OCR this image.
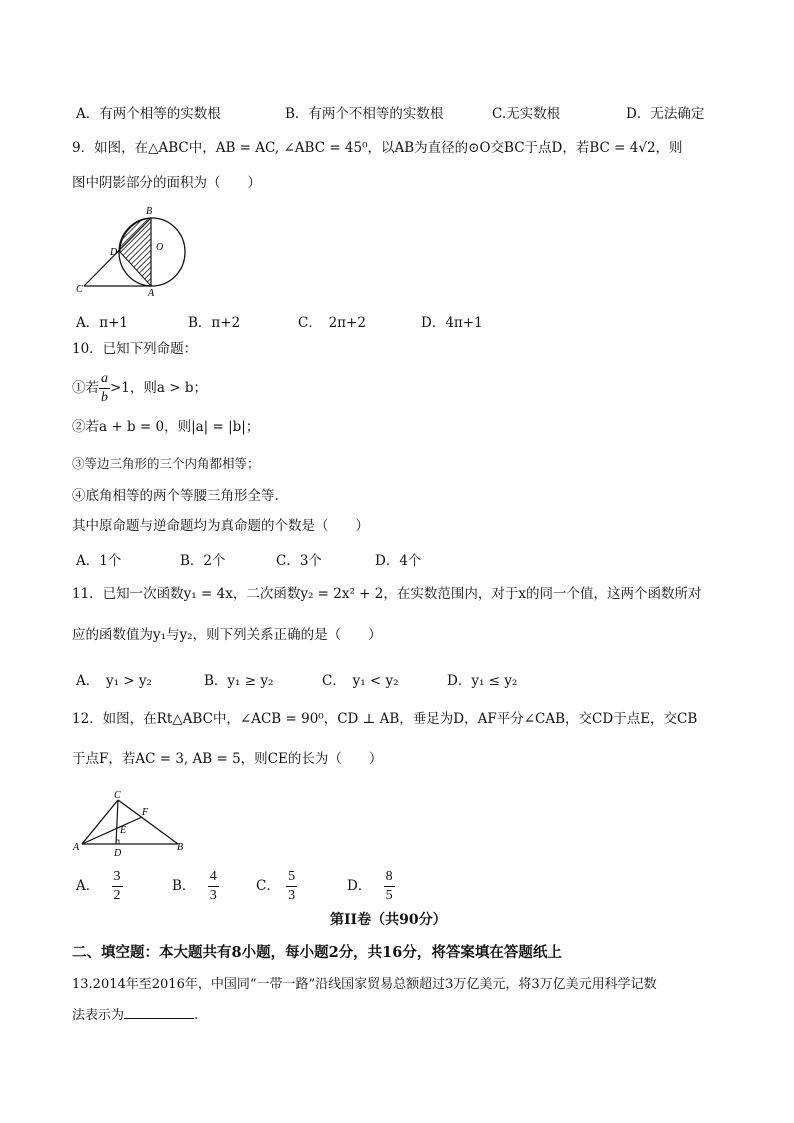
A．有两个相等的实数根	B．有两个不相等的实数根	C.无实数根	D．无法确定
9．如图，在△ABC中，AB = AC, ∠ABC = 45⁰，以AB为直径的⊙O交BC于点D，若BC = 4√2，则
图中阴影部分的面积为（　　）
B
D	O
C	A
A．π+1	B．π+2	C．　2π+2	D．4π+1
10．已知下列命题：
①若 $\frac{a}{b} >1$，则a > b；
②若a + b = 0，则|a| = |b|；
③等边三角形的三个内角都相等；
④底角相等的两个等腰三角形全等.
其中原命题与逆命题均为真命题的个数是（　　）
A．1个	B．2个	C．3个	D．4个
11．已知一次函数y₁ = 4x，二次函数y₂ = 2x² + 2，在实数范围内，对于x的同一个值，这两个函数所对
应的函数值为y₁与y₂，则下列关系正确的是（　　）
A．　y₁ > y₂	B．y₁ ≥ y₂	C．　y₁ < y₂	D．y₁ ≤ y₂
12．如图，在Rt△ABC中，∠ACB = 90⁰，CD ⊥ AB，垂足为D，AF平分∠CAB，交CD于点E，交CB
于点F，若AC = 3, AB = 5，则CE的长为（　　）
C
F
E
A
D
B
A． $\frac{3}{2}$	B． $\frac{4}{3}$	C． $\frac{5}{3}$	D． $\frac{8}{5}$
第II卷（共90分）
二、填空题：本大题共有8小题，每小题2分，共16分，将答案填在答题纸上
13.2014年至2016年，中国同“一带一路”沿线国家贸易总额超过3万亿美元，将3万亿美元用科学记数
法表示为	.
